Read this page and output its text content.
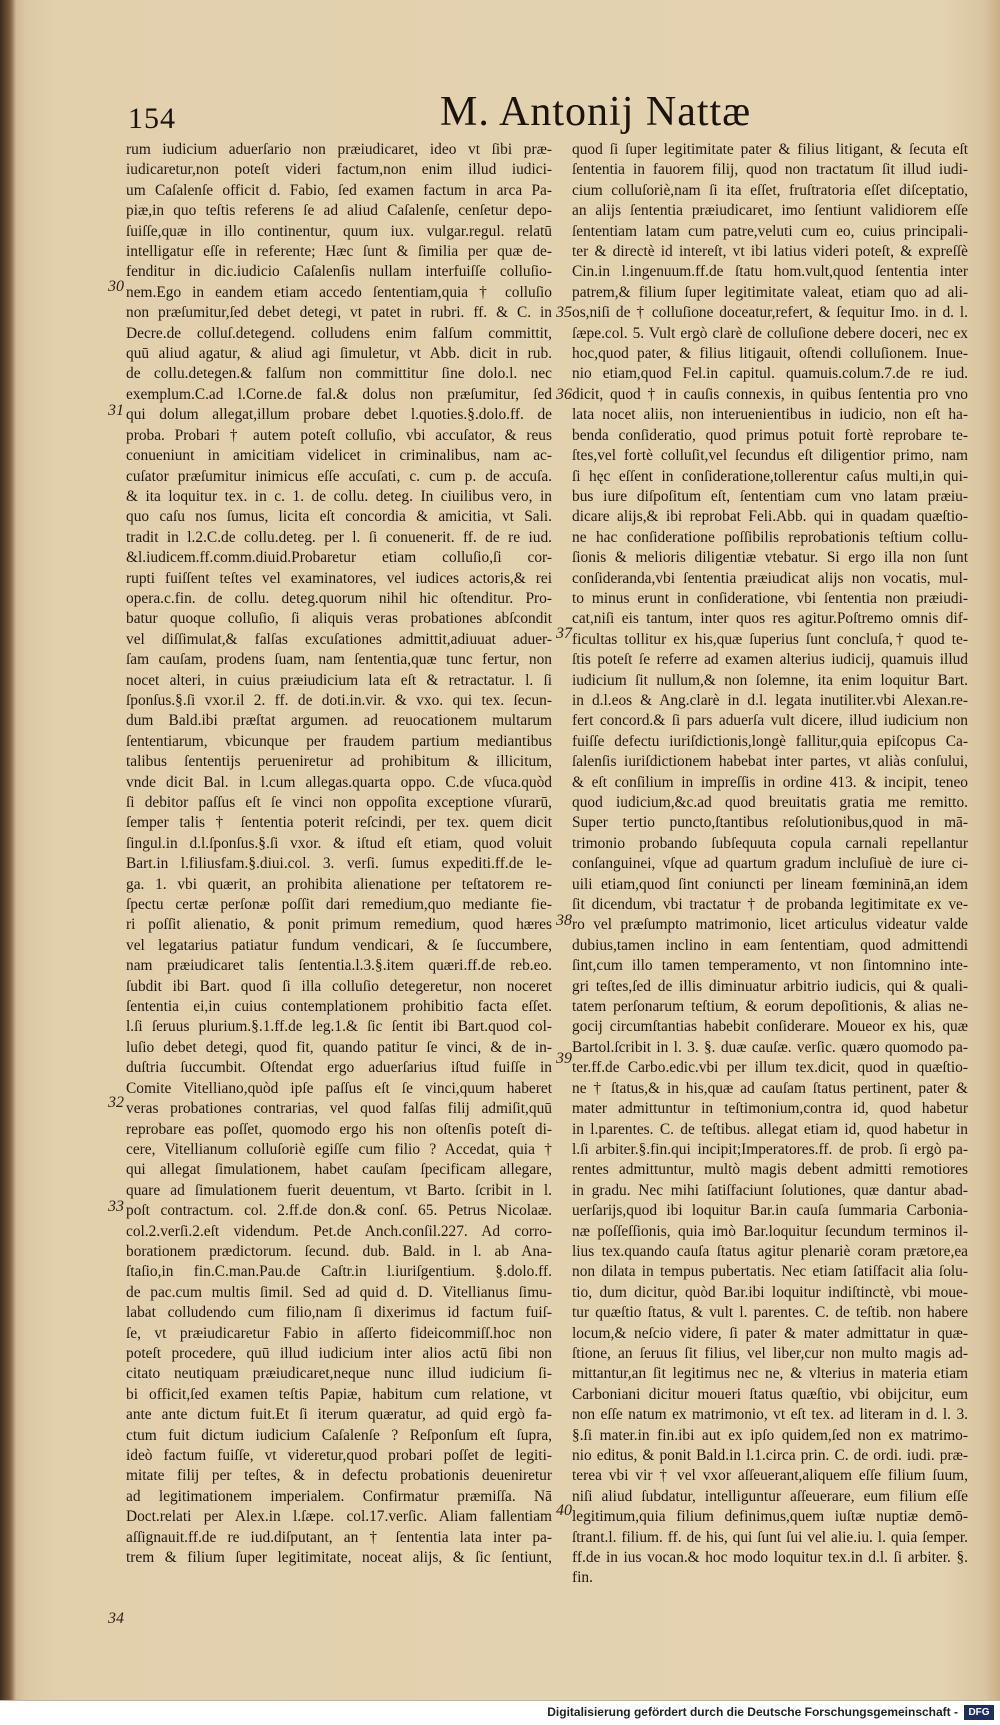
154	M. Antonij Nattæ
rum iudicium aduerſario non præiudicaret, ideo vt ſibi præ-
iudicaretur,non poteſt videri factum,non enim illud iudici-
um Caſalenſe officit d. Fabio, ſed examen factum in arca Pa-
piæ,in quo teſtis referens ſe ad aliud Caſalenſe, cenſetur depo-
ſuiſſe,quæ in illo continentur, quum iux. vulgar.regul. relatū
intelligatur eſſe in referente; Hæc ſunt & ſimilia per quæ de-
fenditur in dic.iudicio Caſalenſis nullam interfuiſſe colluſio-
nem.Ego in eandem etiam accedo ſententiam,quia † colluſio
non præſumitur,ſed debet detegi, vt patet in rubri. ff. & C. in
Decre.de colluſ.detegend. colludens enim falſum committit,
quū aliud agatur, & aliud agi ſimuletur, vt Abb. dicit in rub.
de collu.detegen.& falſum non committitur ſine dolo.l. nec
exemplum.C.ad l.Corne.de fal.& dolus non præſumitur, ſed
qui dolum allegat,illum probare debet l.quoties.§.dolo.ff. de
proba. Probari † autem poteſt colluſio, vbi accuſator, & reus
conueniunt in amicitiam videlicet in criminalibus, nam ac-
cuſator præſumitur inimicus eſſe accuſati, c. cum p. de accuſa.
& ita loquitur tex. in c. 1. de collu. deteg. In ciuilibus vero, in
quo caſu nos ſumus, licita eſt concordia & amicitia, vt Sali.
tradit in l.2.C.de collu.deteg. per l. ſi conuenerit. ff. de re iud.
&l.iudicem.ff.comm.diuid.Probaretur etiam colluſio,ſi cor-
rupti fuiſſent teſtes vel examinatores, vel iudices actoris,& rei
opera.c.fin. de collu. deteg.quorum nihil hic oſtenditur. Pro-
batur quoque colluſio, ſi aliquis veras probationes abſcondit
vel diſſimulat,& falſas excuſationes admittit,adiuuat aduer-
ſam cauſam, prodens ſuam, nam ſententia,quæ tunc fertur, non
nocet alteri, in cuius præiudicium lata eſt & retractatur. l. ſi
ſponſus.§.ſi vxor.il 2. ff. de doti.in.vir. & vxo. qui tex. ſecun-
dum Bald.ibi præſtat argumen. ad reuocationem multarum
ſententiarum, vbicunque per fraudem partium mediantibus
talibus ſententijs perueniretur ad prohibitum & illicitum,
vnde dicit Bal. in l.cum allegas.quarta oppo. C.de vſuca.quòd
ſi debitor paſſus eſt ſe vinci non oppoſita exceptione vſurarū,
ſemper talis † ſententia poterit reſcindi, per tex. quem dicit
ſingul.in d.l.ſponſus.§.ſi vxor. & iſtud eſt etiam, quod voluit
Bart.in l.filiusfam.§.diui.col. 3. verſi. ſumus expediti.ff.de le-
ga. 1. vbi quærit, an prohibita alienatione per teſtatorem re-
ſpectu certæ perſonæ poſſit dari remedium,quo mediante fie-
ri poſſit alienatio, & ponit primum remedium, quod hæres
vel legatarius patiatur fundum vendicari, & ſe ſuccumbere,
nam præiudicaret talis ſententia.l.3.§.item quæri.ff.de reb.eo.
ſubdit ibi Bart. quod ſi illa colluſio detegeretur, non noceret
ſententia ei,in cuius contemplationem prohibitio facta eſſet.
l.ſi ſeruus plurium.§.1.ff.de leg.1.& ſic ſentit ibi Bart.quod col-
luſio debet detegi, quod fit, quando patitur ſe vinci, & de in-
duſtria ſuccumbit. Oſtendat ergo aduerſarius iſtud fuiſſe in
Comite Vitelliano,quòd ipſe paſſus eſt ſe vinci,quum haberet
veras probationes contrarias, vel quod falſas filij admiſit,quū
reprobare eas poſſet, quomodo ergo his non oſtenſis poteſt di-
cere, Vitellianum colluſoriè egiſſe cum filio ? Accedat, quia †
qui allegat ſimulationem, habet cauſam ſpecificam allegare,
quare ad ſimulationem fuerit deuentum, vt Barto. ſcribit in l.
poſt contractum. col. 2.ff.de don.& conſ. 65. Petrus Nicolaæ.
col.2.verſi.2.eſt videndum. Pet.de Anch.conſil.227. Ad corro-
borationem prædictorum. ſecund. dub. Bald. in l. ab Ana-
ſtaſio,in fin.C.man.Pau.de Caſtr.in l.iuriſgentium. §.dolo.ff.
de pac.cum multis ſimil. Sed ad quid d. D. Vitellianus ſimu-
labat colludendo cum filio,nam ſi dixerimus id factum fuiſ-
ſe, vt præiudicaretur Fabio in aſſerto fideicommiſſ.hoc non
poteſt procedere, quū illud iudicium inter alios actū ſibi non
citato neutiquam præiudicaret,neque nunc illud iudicium ſi-
bi officit,ſed examen teſtis Papiæ, habitum cum relatione, vt
ante ante dictum fuit.Et ſi iterum quæratur, ad quid ergò fa-
ctum fuit dictum iudicium Caſalenſe ? Reſponſum eſt ſupra,
ideò factum fuiſſe, vt videretur,quod probari poſſet de legiti-
mitate filij per teſtes, & in defectu probationis deueniretur
ad legitimationem imperialem. Confirmatur præmiſſa. Nā
Doct.relati per Alex.in l.ſæpe. col.17.verſic. Aliam fallentiam
aſſignauit.ff.de re iud.diſputant, an † ſententia lata inter pa-
trem & filium ſuper legitimitate, noceat alijs, & ſic ſentiunt,
quod ſi ſuper legitimitate pater & filius litigant, & ſecuta eſt
ſententia in fauorem filij, quod non tractatum ſit illud iudi-
cium colluſoriè,nam ſi ita eſſet, fruſtratoria eſſet diſceptatio,
an alijs ſententia præiudicaret, imo ſentiunt validiorem eſſe
ſententiam latam cum patre,veluti cum eo, cuius principali-
ter & directè id intereſt, vt ibi latius videri poteſt, & expreſſè
Cin.in l.ingenuum.ff.de ſtatu hom.vult,quod ſententia inter
patrem,& filium ſuper legitimitate valeat, etiam quo ad ali-
os,niſi de † colluſione doceatur,refert, & ſequitur Imo. in d. l.
ſæpe.col. 5. Vult ergò clarè de colluſione debere doceri, nec ex
hoc,quod pater, & filius litigauit, oſtendi colluſionem. Inue-
nio etiam,quod Fel.in capitul. quamuis.colum.7.de re iud.
dicit, quod † in cauſis connexis, in quibus ſententia pro vno
lata nocet aliis, non interuenientibus in iudicio, non eſt ha-
benda conſideratio, quod primus potuit fortè reprobare te-
ſtes,vel fortè colluſit,vel ſecundus eſt diligentior primo, nam
ſi hęc eſſent in conſideratione,tollerentur caſus multi,in qui-
bus iure diſpoſitum eſt, ſententiam cum vno latam præiu-
dicare alijs,& ibi reprobat Feli.Abb. qui in quadam quæſtio-
ne hac conſideratione poſſibilis reprobationis teſtium collu-
ſionis & melioris diligentiæ vtebatur. Si ergo illa non ſunt
conſideranda,vbi ſententia præiudicat alijs non vocatis, mul-
to minus erunt in conſideratione, vbi ſententia non præiudi-
cat,niſi eis tantum, inter quos res agitur.Poſtremo omnis dif-
ficultas tollitur ex his,quæ ſuperius ſunt concluſa,† quod te-
ſtis poteſt ſe referre ad examen alterius iudicij, quamuis illud
iudicium ſit nullum,& non ſolemne, ita enim loquitur Bart.
in d.l.eos & Ang.clarè in d.l. legata inutiliter.vbi Alexan.re-
fert concord.& ſi pars aduerſa vult dicere, illud iudicium non
fuiſſe defectu iuriſdictionis,longè fallitur,quia epiſcopus Ca-
ſalenſis iuriſdictionem habebat inter partes, vt aliàs conſului,
& eſt conſilium in impreſſis in ordine 413. & incipit, teneo
quod iudicium,&c.ad quod breuitatis gratia me remitto.
Super tertio puncto,ſtantibus reſolutionibus,quod in mā-
trimonio probando ſubſequuta copula carnali repellantur
conſanguinei, vſque ad quartum gradum incluſiuè de iure ci-
uili etiam,quod ſint coniuncti per lineam fœmininā,an idem
ſit dicendum, vbi tractatur † de probanda legitimitate ex ve-
ro vel præſumpto matrimonio, licet articulus videatur valde
dubius,tamen inclino in eam ſententiam, quod admittendi
ſint,cum illo tamen temperamento, vt non ſintomnino inte-
gri teſtes,ſed de illis diminuatur arbitrio iudicis, qui & quali-
tatem perſonarum teſtium, & eorum depoſitionis, & alias ne-
gocij circumſtantias habebit conſiderare. Moueor ex his, quæ
Bartol.ſcribit in l. 3. §. duæ cauſæ. verſic. quæro quomodo pa-
ter.ff.de Carbo.edic.vbi per illum tex.dicit, quod in quæſtio-
ne † ſtatus,& in his,quæ ad cauſam ſtatus pertinent, pater &
mater admittuntur in teſtimonium,contra id, quod habetur
in l.parentes. C. de teſtibus. allegat etiam id, quod habetur in
l.ſi arbiter.§.fin.qui incipit;Imperatores.ff. de prob. ſi ergò pa-
rentes admittuntur, multò magis debent admitti remotiores
in gradu. Nec mihi ſatiſfaciunt ſolutiones, quæ dantur abad-
uerſarijs,quod ibi loquitur Bar.in cauſa ſummaria Carbonia-
næ poſſeſſionis, quia imò Bar.loquitur ſecundum terminos il-
lius tex.quando cauſa ſtatus agitur plenariè coram prætore,ea
non dilata in tempus pubertatis. Nec etiam ſatiſfacit alia ſolu-
tio, dum dicitur, quòd Bar.ibi loquitur indiſtinctè, vbi moue-
tur quæſtio ſtatus, & vult l. parentes. C. de teſtib. non habere
locum,& neſcio videre, ſi pater & mater admittatur in quæ-
ſtione, an ſeruus ſit filius, vel liber,cur non multo magis ad-
mittantur,an ſit legitimus nec ne, & vlterius in materia etiam
Carboniani dicitur moueri ſtatus quæſtio, vbi obijcitur, eum
non eſſe natum ex matrimonio, vt eſt tex. ad literam in d. l. 3.
§.ſi mater.in fin.ibi aut ex ipſo quidem,ſed non ex matrimo-
nio editus, & ponit Bald.in l.1.circa prin. C. de ordi. iudi. præ-
terea vbi vir † vel vxor aſſeuerant,aliquem eſſe filium ſuum,
niſi aliud ſubdatur, intelliguntur aſſeuerare, eum filium eſſe
legitimum,quia filium definimus,quem iuſtæ nuptiæ demō-
ſtrant.l. filium. ff. de his, qui ſunt ſui vel alie.iu. l. quia ſemper.
ff.de in ius vocan.& hoc modo loquitur tex.in d.l. ſi arbiter. §.
fin.
30
31
32
33
34
35
36
37
38
39
40
Digitalisierung gefördert durch die Deutsche Forschungsgemeinschaft -	DFG
